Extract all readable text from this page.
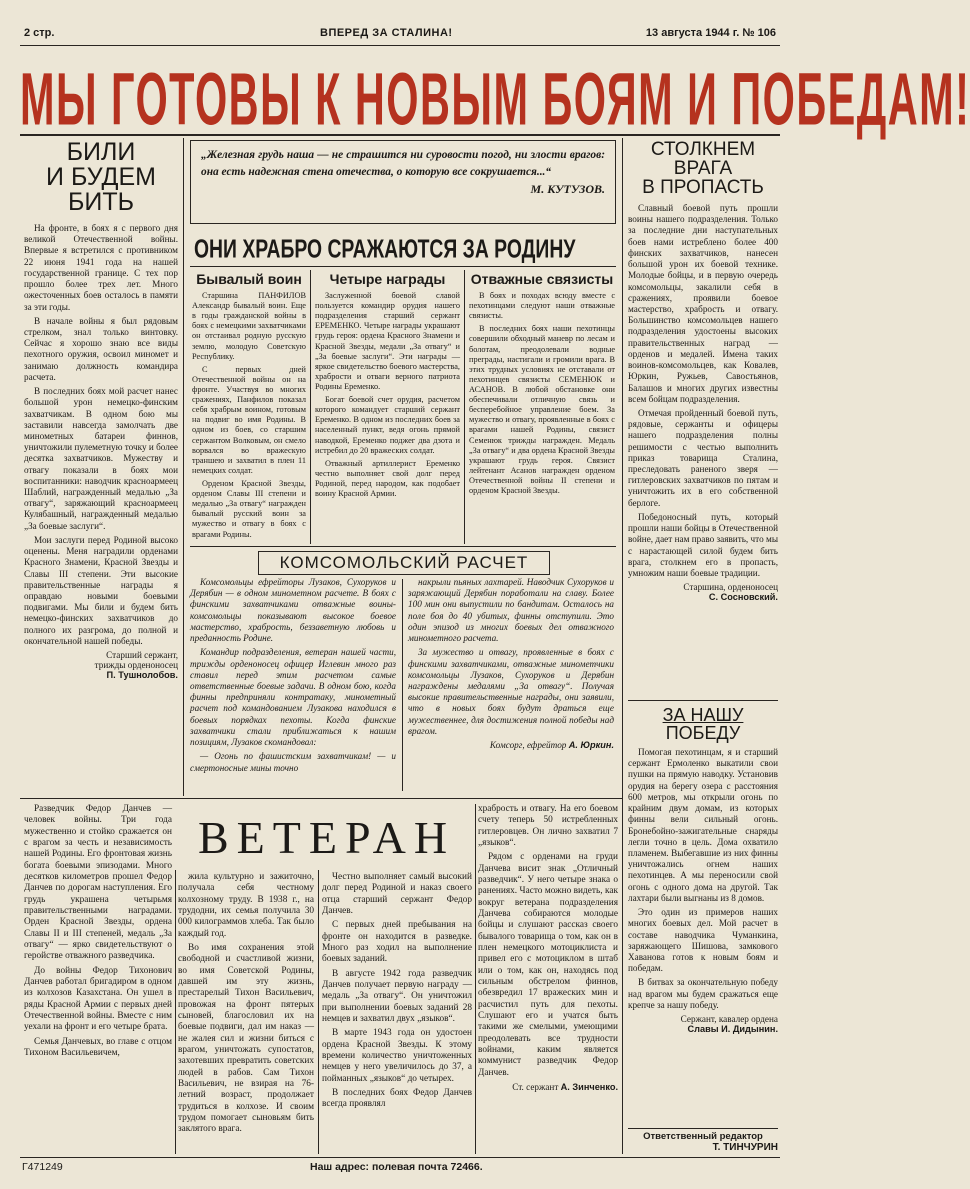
2 стр.	ВПЕРЕД ЗА СТАЛИНА!	13 августа 1944 г. № 106
МЫ ГОТОВЫ К НОВЫМ БОЯМ И ПОБЕДАМ!
БИЛИ
И БУДЕМ
БИТЬ

На фронте, в боях я с первого дня великой Отечественной войны. Впервые я встретился с противником 22 июня 1941 года на нашей государственной границе. С тех пор прошло более трех лет. Много ожесточенных боев осталось в памяти за эти годы.

В начале войны я был рядовым стрелком, знал только винтовку. Сейчас я хорошо знаю все виды пехотного оружия, освоил миномет и занимаю должность командира расчета.

В последних боях мой расчет нанес большой урон немецко-финским захватчикам. В одном бою мы заставили навсегда замолчать две минометных батареи финнов, уничтожили пулеметную точку и более десятка захватчиков. Мужеству и отвагу показали в боях мои воспитанники: наводчик красноармеец Шаблий, награжденный медалью „За отвагу“, заряжающий красноармеец Кулябашный, награжденный медалью „За боевые заслуги“.

Мои заслуги перед Родиной высоко оценены. Меня наградили орденами Красного Знамени, Красной Звезды и Славы III степени. Эти высокие правительственные награды я оправдаю новыми боевыми подвигами. Мы били и будем бить немецко-финских захватчиков до полного их разгрома, до полной и окончательной нашей победы.

Старший сержант,

трижды орденоносец

П. Тушнолобов.

СТОЛКНЕМ
ВРАГА
В ПРОПАСТЬ

Славный боевой путь прошли воины нашего подразделения. Только за последние дни наступательных боев нами истреблено более 400 финских захватчиков, нанесен большой урон их боевой технике. Молодые бойцы, и в первую очередь комсомольцы, закалили себя в сражениях, проявили боевое мастерство, храбрость и отвагу. Большинство комсомольцев нашего подразделения удостоены высоких правительственных наград — орденов и медалей. Имена таких воинов-комсомольцев, как Ковалев, Юркин, Ружьев, Савостьянов, Балашов и многих других известны всем бойцам подразделения.

Отмечая пройденный боевой путь, рядовые, сержанты и офицеры нашего подразделения полны решимости с честью выполнить приказ товарища Сталина, преследовать раненого зверя — гитлеровских захватчиков по пятам и уничтожить их в его собственной берлоге.

Победоносный путь, который прошли наши бойцы в Отечественной войне, дает нам право заявить, что мы с нарастающей силой будем бить врага, столкнем его в пропасть, умножим наши боевые традиции.

Старшина, орденоносец

С. Сосновский.

ЗА НАШУ
ПОБЕДУ

Помогая пехотинцам, я и старший сержант Ермоленко выкатили свои пушки на прямую наводку. Установив орудия на берегу озера с расстояния 600 метров, мы открыли огонь по крайним двум домам, из которых финны вели сильный огонь. Бронебойно-зажигательные снаряды легли точно в цель. Дома охватило пламенем. Выбегавшие из них финны уничтожались огнем наших пехотинцев. А мы переносили свой огонь с одного дома на другой. Так лахтари были выгнаны из 8 домов.

Это один из примеров наших многих боевых дел. Мой расчет в составе наводчика Чуманкина, заряжающего Шишова, замкового Хаванова готов к новым боям и победам.

В битвах за окончательную победу над врагом мы будем сражаться еще крепче за нашу победу.

Сержант, кавалер ордена

Славы И. Дидынин.

„Железная грудь наша — не страшится ни суровости погод, ни злости врагов: она есть надежная стена отечества, о которую все сокрушается...“

М. КУТУЗОВ.

ОНИ ХРАБРО СРАЖАЮТСЯ ЗА РОДИНУ
Бывалый воин

Старшина ПАНФИЛОВ Александр бывалый воин. Еще в годы гражданской войны в боях с немецкими захватчиками он отстаивал родную русскую землю, молодую Советскую Республику.

С первых дней Отечественной войны он на фронте. Участвуя во многих сражениях, Панфилов показал себя храбрым воином, готовым на подвиг во имя Родины. В одном из боев, со старшим сержантом Волковым, он смело ворвался во вражескую траншею и захватил в плен 11 немецких солдат.

Орденом Красной Звезды, орденом Славы III степени и медалью „За отвагу“ награжден бывалый русский воин за мужество и отвагу в боях с врагами Родины.

Четыре награды

Заслуженной боевой славой пользуется командир орудия нашего подразделения старший сержант ЕРЕМЕНКО. Четыре награды украшают грудь героя: ордена Красного Знамени и Красной Звезды, медали „За отвагу“ и „За боевые заслуги“. Эти награды — яркое свидетельство боевого мастерства, храбрости и отваги верного патриота Родины Еременко.

Богат боевой счет орудия, расчетом которого командует старший сержант Еременко. В одном из последних боев за населенный пункт, ведя огонь прямой наводкой, Еременко поджег два дзота и истребил до 20 вражеских солдат.

Отважный артиллерист Еременко честно выполняет свой долг перед Родиной, перед народом, как подобает воину Красной Армии.

Отважные связисты

В боях и походах всюду вместе с пехотинцами следуют наши отважные связисты.

В последних боях наши пехотинцы совершили обходный маневр по лесам и болотам, преодолевали водные преграды, настигали и громили врага. В этих трудных условиях не отставали от пехотинцев связисты СЕМЕНЮК и АСАНОВ. В любой обстановке они обеспечивали отличную связь и бесперебойное управление боем. За мужество и отвагу, проявленные в боях с врагами нашей Родины, связист Семенюк трижды награжден. Медаль „За отвагу“ и два ордена Красной Звезды украшают грудь героя. Связист лейтенант Асанов награжден орденом Отечественной войны II степени и орденом Красной Звезды.

КОМСОМОЛЬСКИЙ РАСЧЕТ

Комсомольцы ефрейторы Лузаков, Сухоруков и Дерябин — в одном минометном расчете. В боях с финскими захватчиками отважные воины-комсомольцы показывают высокое боевое мастерство, храбрость, беззаветную любовь и преданность Родине.

Командир подразделения, ветеран нашей части, трижды орденоносец офицер Иглевин много раз ставил перед этим расчетом самые ответственные боевые задачи. В одном бою, когда финны предприняли контратаку, минометный расчет под командованием Лузакова находился в боевых порядках пехоты. Когда финские захватчики стали приближаться к нашим позициям, Лузаков скомандовал:

— Огонь по фашистским захватчикам! — и смертоносные мины точно

накрыли пьяных лахтарей. Наводчик Сухоруков и заряжающий Дерябин поработали на славу. Более 100 мин они выпустили по бандитам. Осталось на поле боя до 40 убитых, финны отступили. Это один эпизод из многих боевых дел отважного минометного расчета.

За мужество и отвагу, проявленные в боях с финскими захватчиками, отважные минометчики комсомольцы Лузаков, Сухоруков и Дерябин награждены медалями „За отвагу“. Получая высокие правительственные награды, они заявили, что в новых боях будут драться еще мужественнее, для достижения полной победы над врагом.

Комсорг, ефрейтор А. Юркин.

ВЕТЕРАН

Разведчик Федор Данчев — человек войны. Три года мужественно и стойко сражается он с врагом за честь и независимость нашей Родины. Его фронтовая жизнь богата боевыми эпизодами. Много десятков километров прошел Федор Данчев по дорогам наступления. Его грудь украшена четырьмя правительственными наградами. Орден Красной Звезды, ордена Славы II и III степеней, медаль „За отвагу“ — ярко свидетельствуют о геройстве отважного разведчика.

До войны Федор Тихонович Данчев работал бригадиром в одном из колхозов Казахстана. Он ушел в ряды Красной Армии с первых дней Отечественной войны. Вместе с ним уехали на фронт и его четыре брата.

Семья Данчевых, во главе с отцом Тихоном Васильевичем,

жила культурно и зажиточно, получала себя честному колхозному труду. В 1938 г., на трудодни, их семья получила 30 000 килограммов хлеба. Так было каждый год.

Во имя сохранения этой свободной и счастливой жизни, во имя Советской Родины, давшей им эту жизнь, престарелый Тихон Васильевич, провожая на фронт пятерых сыновей, благословил их на боевые подвиги, дал им наказ — не жалея сил и жизни биться с врагом, уничтожать супостатов, захотевших превратить советских людей в рабов. Сам Тихон Васильевич, не взирая на 76-летний возраст, продолжает трудиться в колхозе. И своим трудом помогает сыновьям бить заклятого врага.

Честно выполняет самый высокий долг перед Родиной и наказ своего отца старший сержант Федор Данчев.

С первых дней пребывания на фронте он находится в разведке. Много раз ходил на выполнение боевых заданий.

В августе 1942 года разведчик Данчев получает первую награду — медаль „За отвагу“. Он уничтожил при выполнении боевых заданий 28 немцев и захватил двух „языков“.

В марте 1943 года он удостоен ордена Красной Звезды. К этому времени количество уничтоженных немцев у него увеличилось до 37, а пойманных „языков“ до четырех.

В последних боях Федор Данчев всегда проявлял

храбрость и отвагу. На его боевом счету теперь 50 истребленных гитлеровцев. Он лично захватил 7 „языков“.

Рядом с орденами на груди Данчева висит знак „Отличный разведчик“. У него четыре знака о ранениях. Часто можно видеть, как вокруг ветерана подразделения Данчева собираются молодые бойцы и слушают рассказ своего бывалого товарища о том, как он в плен немецкого мотоциклиста и привел его с мотоциклом в штаб или о том, как он, находясь под сильным обстрелом финнов, обезвредил 17 вражеских мин и расчистил путь для пехоты. Слушают его и учатся быть такими же смелыми, умеющими преодолевать все трудности войнами, каким является коммунист разведчик Федор Данчев.

Ст. сержант А. Зинченко.

Ответственный редактор
Т. ТИНЧУРИН
Г471249	Наш адрес: полевая почта 72466.
